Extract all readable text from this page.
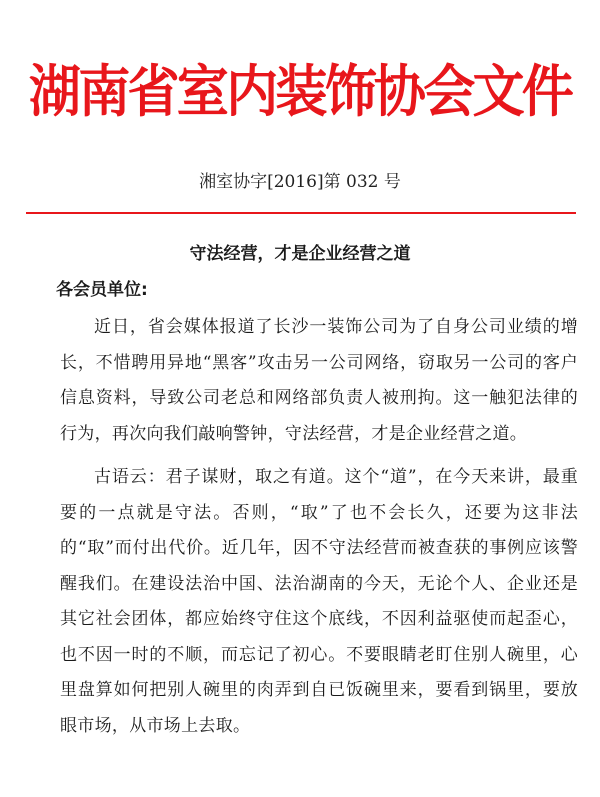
湖南省室内装饰协会文件
湘室协字[2016]第 032 号
守法经营，才是企业经营之道
各会员单位:

近日，省会媒体报道了长沙一装饰公司为了自身公司业绩的增长，不惜聘用异地“黑客”攻击另一公司网络，窃取另一公司的客户信息资料，导致公司老总和网络部负责人被刑拘。这一触犯法律的行为，再次向我们敲响警钟，守法经营，才是企业经营之道。

古语云：君子谋财，取之有道。这个“道”，在今天来讲，最重要的一点就是守法。否则，“取”了也不会长久，还要为这非法的“取”而付出代价。近几年，因不守法经营而被查获的事例应该警醒我们。在建设法治中国、法治湖南的今天，无论个人、企业还是其它社会团体，都应始终守住这个底线，不因利益驱使而起歪心，也不因一时的不顺，而忘记了初心。不要眼睛老盯住别人碗里，心里盘算如何把别人碗里的肉弄到自已饭碗里来，要看到锅里，要放眼市场，从市场上去取。
